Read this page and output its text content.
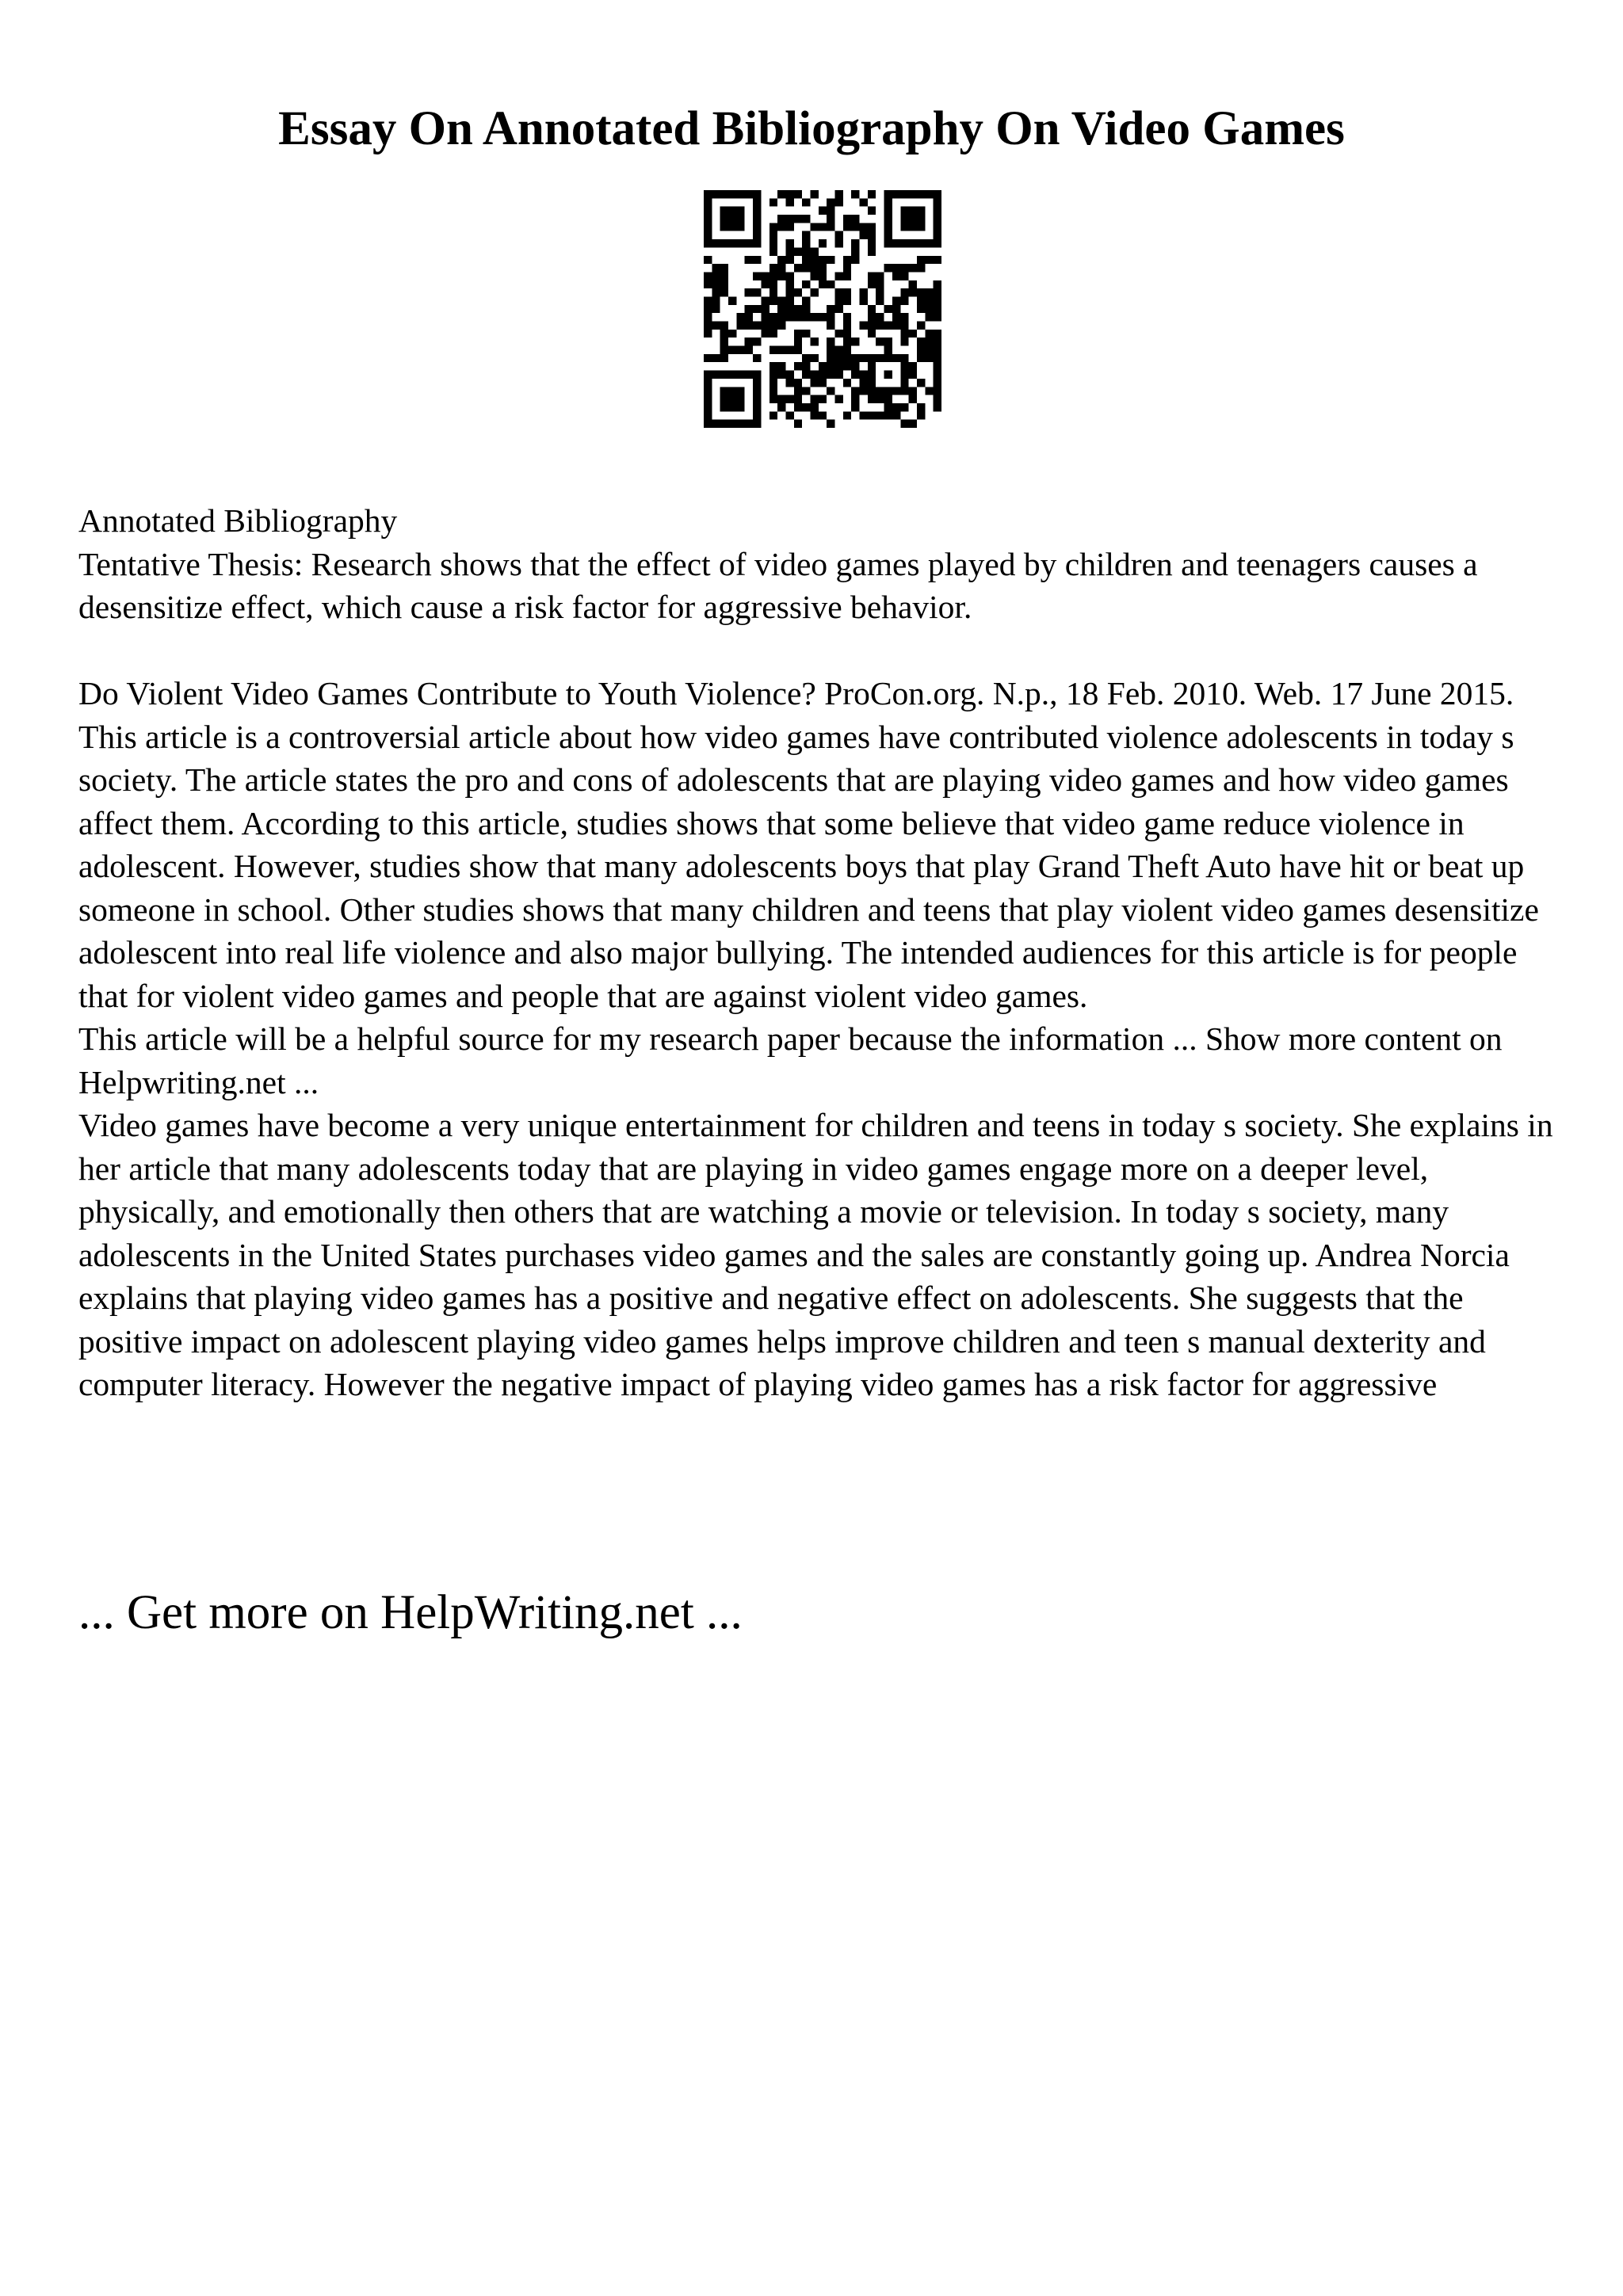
Essay On Annotated Bibliography On Video Games

Annotated Bibliography

Tentative Thesis: Research shows that the effect of video games played by children and teenagers causes a desensitize effect, which cause a risk factor for aggressive behavior.

Do Violent Video Games Contribute to Youth Violence? ProCon.org. N.p., 18 Feb. 2010. Web. 17 June 2015.

This article is a controversial article about how video games have contributed violence adolescents in today s society. The article states the pro and cons of adolescents that are playing video games and how video games affect them. According to this article, studies shows that some believe that video game reduce violence in adolescent. However, studies show that many adolescents boys that play Grand Theft Auto have hit or beat up someone in school. Other studies shows that many children and teens that play violent video games desensitize adolescent into real life violence and also major bullying. The intended audiences for this article is for people that for violent video games and people that are against violent video games.

This article will be a helpful source for my research paper because the information ... Show more content on Helpwriting.net ...

Video games have become a very unique entertainment for children and teens in today s society. She explains in her article that many adolescents today that are playing in video games engage more on a deeper level, physically, and emotionally then others that are watching a movie or television. In today s society, many adolescents in the United States purchases video games and the sales are constantly going up. Andrea Norcia explains that playing video games has a positive and negative effect on adolescents. She suggests that the positive impact on adolescent playing video games helps improve children and teen s manual dexterity and computer literacy. However the negative impact of playing video games has a risk factor for aggressive

... Get more on HelpWriting.net ...
